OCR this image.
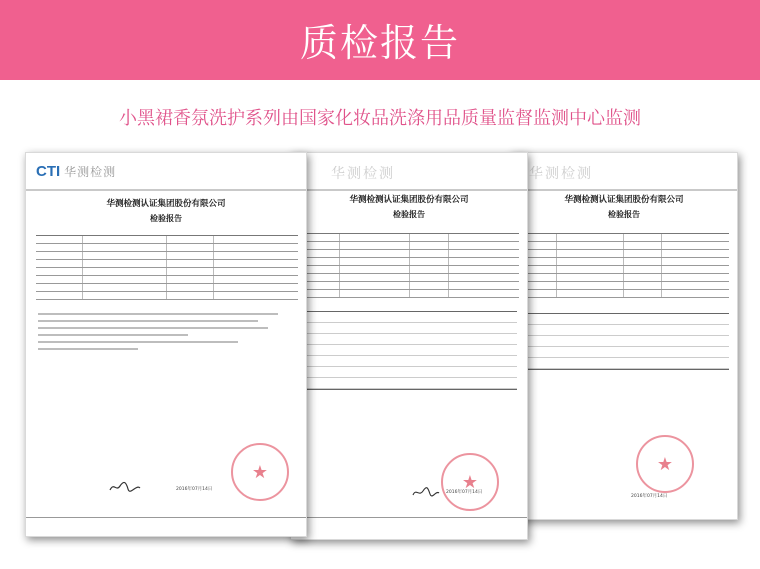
质检报告
小黑裙香氛洗护系列由国家化妆品洗涤用品质量监督监测中心监测
CTI 华测检测
华测检测认证集团股份有限公司
检验报告
★
2016年07月14日
华测检测
华测检测认证集团股份有限公司
检验报告
★
2016年07月14日
华测检测
华测检测认证集团股份有限公司
检验报告
★
2016年07月14日
